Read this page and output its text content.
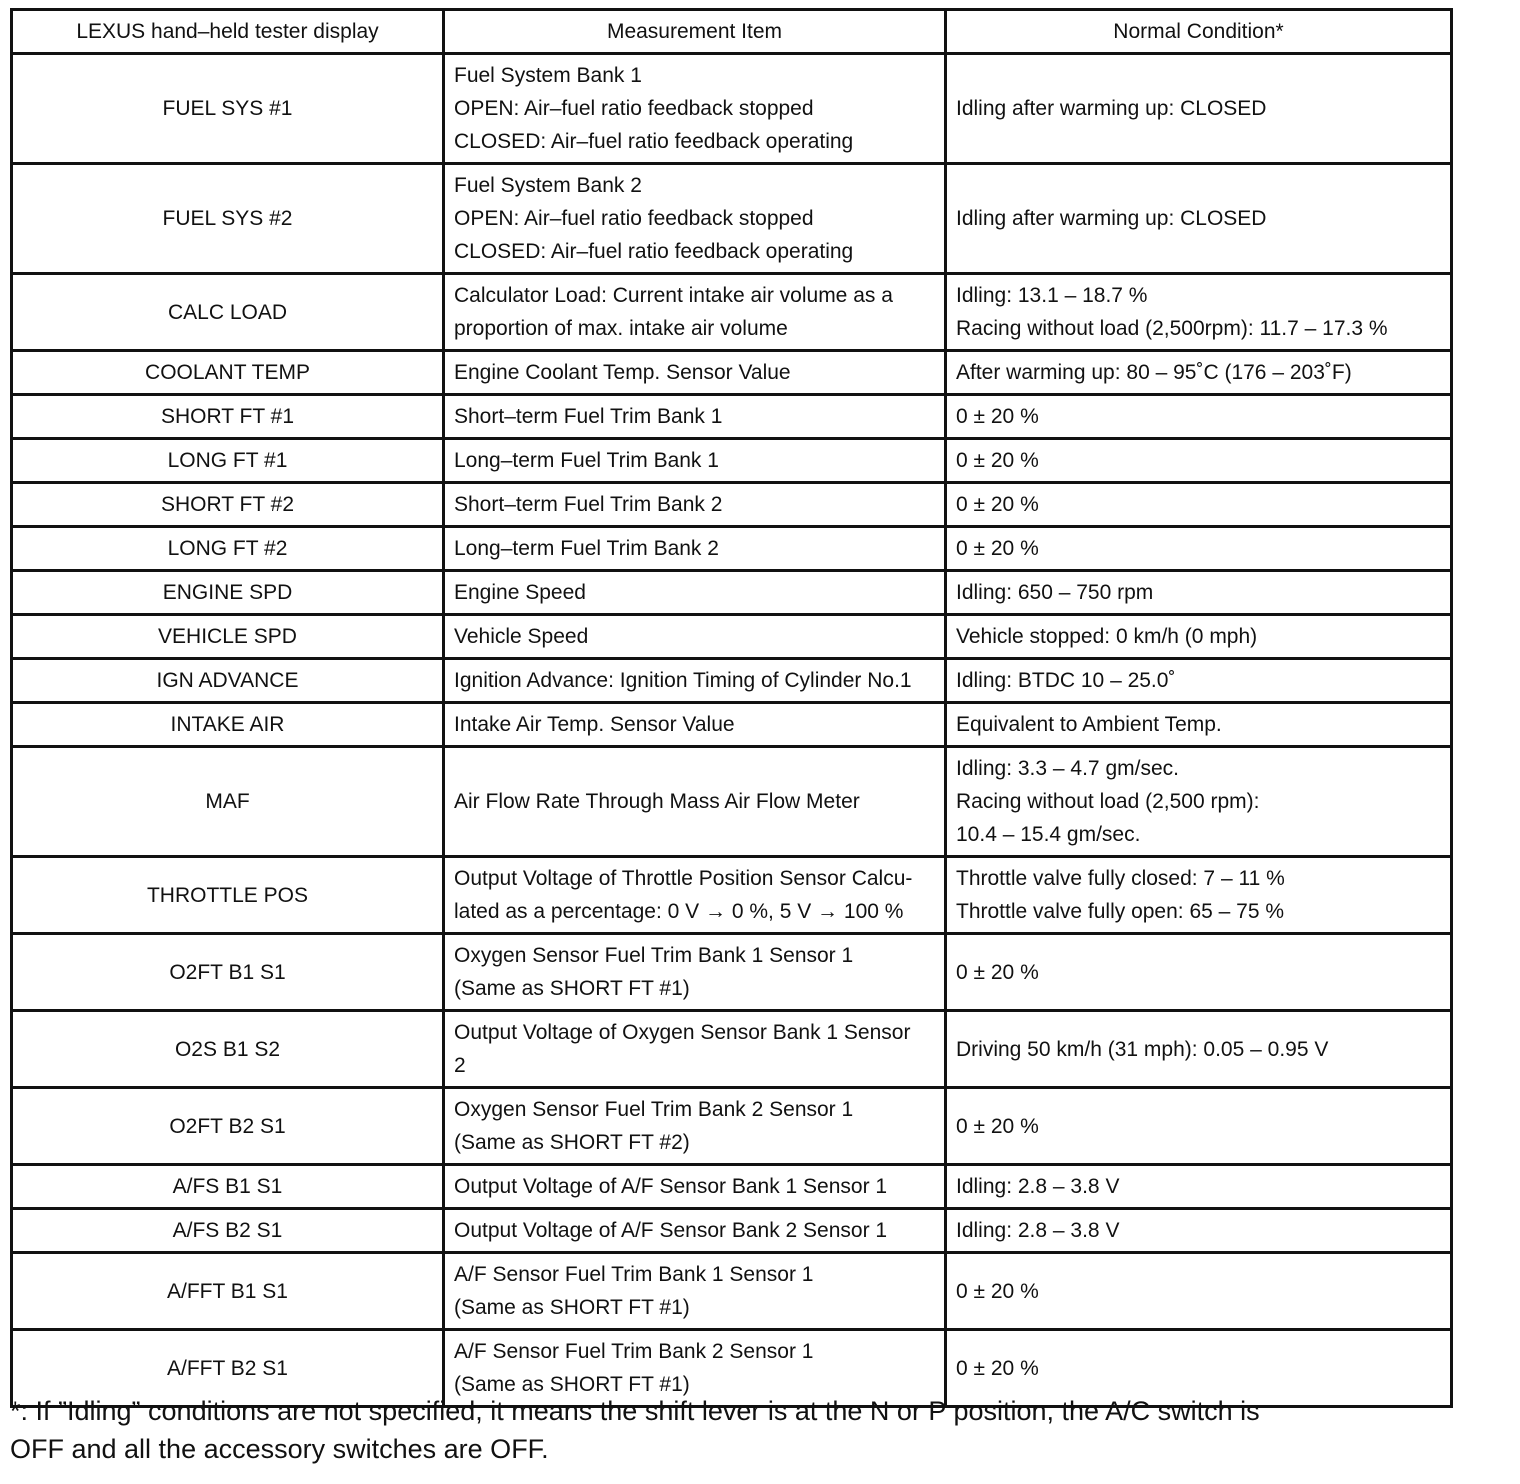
LEXUS hand–held tester display	Measurement Item	Normal Condition*
FUEL SYS #1	Fuel System Bank 1
OPEN: Air–fuel ratio feedback stopped
CLOSED: Air–fuel ratio feedback operating	Idling after warming up: CLOSED

FUEL SYS #2	Fuel System Bank 2
OPEN: Air–fuel ratio feedback stopped
CLOSED: Air–fuel ratio feedback operating	Idling after warming up: CLOSED

CALC LOAD	Calculator Load: Current intake air volume as a
proportion of max. intake air volume	Idling: 13.1 – 18.7 %
Racing without load (2,500rpm): 11.7 – 17.3 %

COOLANT TEMP	Engine Coolant Temp. Sensor Value	After warming up: 80 – 95˚C (176 – 203˚F)

SHORT FT #1	Short–term Fuel Trim Bank 1	0 ± 20 %

LONG FT #1	Long–term Fuel Trim Bank 1	0 ± 20 %

SHORT FT #2	Short–term Fuel Trim Bank 2	0 ± 20 %

LONG FT #2	Long–term Fuel Trim Bank 2	0 ± 20 %

ENGINE SPD	Engine Speed	Idling: 650 – 750 rpm

VEHICLE SPD	Vehicle Speed	Vehicle stopped: 0 km/h (0 mph)

IGN ADVANCE	Ignition Advance: Ignition Timing of Cylinder No.1	Idling: BTDC 10 – 25.0˚

INTAKE AIR	Intake Air Temp. Sensor Value	Equivalent to Ambient Temp.

MAF	Air Flow Rate Through Mass Air Flow Meter	Idling: 3.3 – 4.7 gm/sec.
Racing without load (2,500 rpm):
10.4 – 15.4 gm/sec.

THROTTLE POS	Output Voltage of Throttle Position Sensor Calcu-
lated as a percentage: 0 V → 0 %, 5 V → 100 %	Throttle valve fully closed: 7 – 11 %
Throttle valve fully open: 65 – 75 %

O2FT B1 S1	Oxygen Sensor Fuel Trim Bank 1 Sensor 1
(Same as SHORT FT #1)	0 ± 20 %

O2S B1 S2	Output Voltage of Oxygen Sensor Bank 1 Sensor
2	Driving 50 km/h (31 mph): 0.05 – 0.95 V

O2FT B2 S1	Oxygen Sensor Fuel Trim Bank 2 Sensor 1
(Same as SHORT FT #2)	0 ± 20 %

A/FS B1 S1	Output Voltage of A/F Sensor Bank 1 Sensor 1	Idling: 2.8 – 3.8 V

A/FS B2 S1	Output Voltage of A/F Sensor Bank 2 Sensor 1	Idling: 2.8 – 3.8 V

A/FFT B1 S1	A/F Sensor Fuel Trim Bank 1 Sensor 1
(Same as SHORT FT #1)	0 ± 20 %

A/FFT B2 S1	A/F Sensor Fuel Trim Bank 2 Sensor 1
(Same as SHORT FT #1)	0 ± 20 %
*: If ”Idling” conditions are not specified, it means the shift lever is at the N or P position, the A/C switch is
OFF and all the accessory switches are OFF.
